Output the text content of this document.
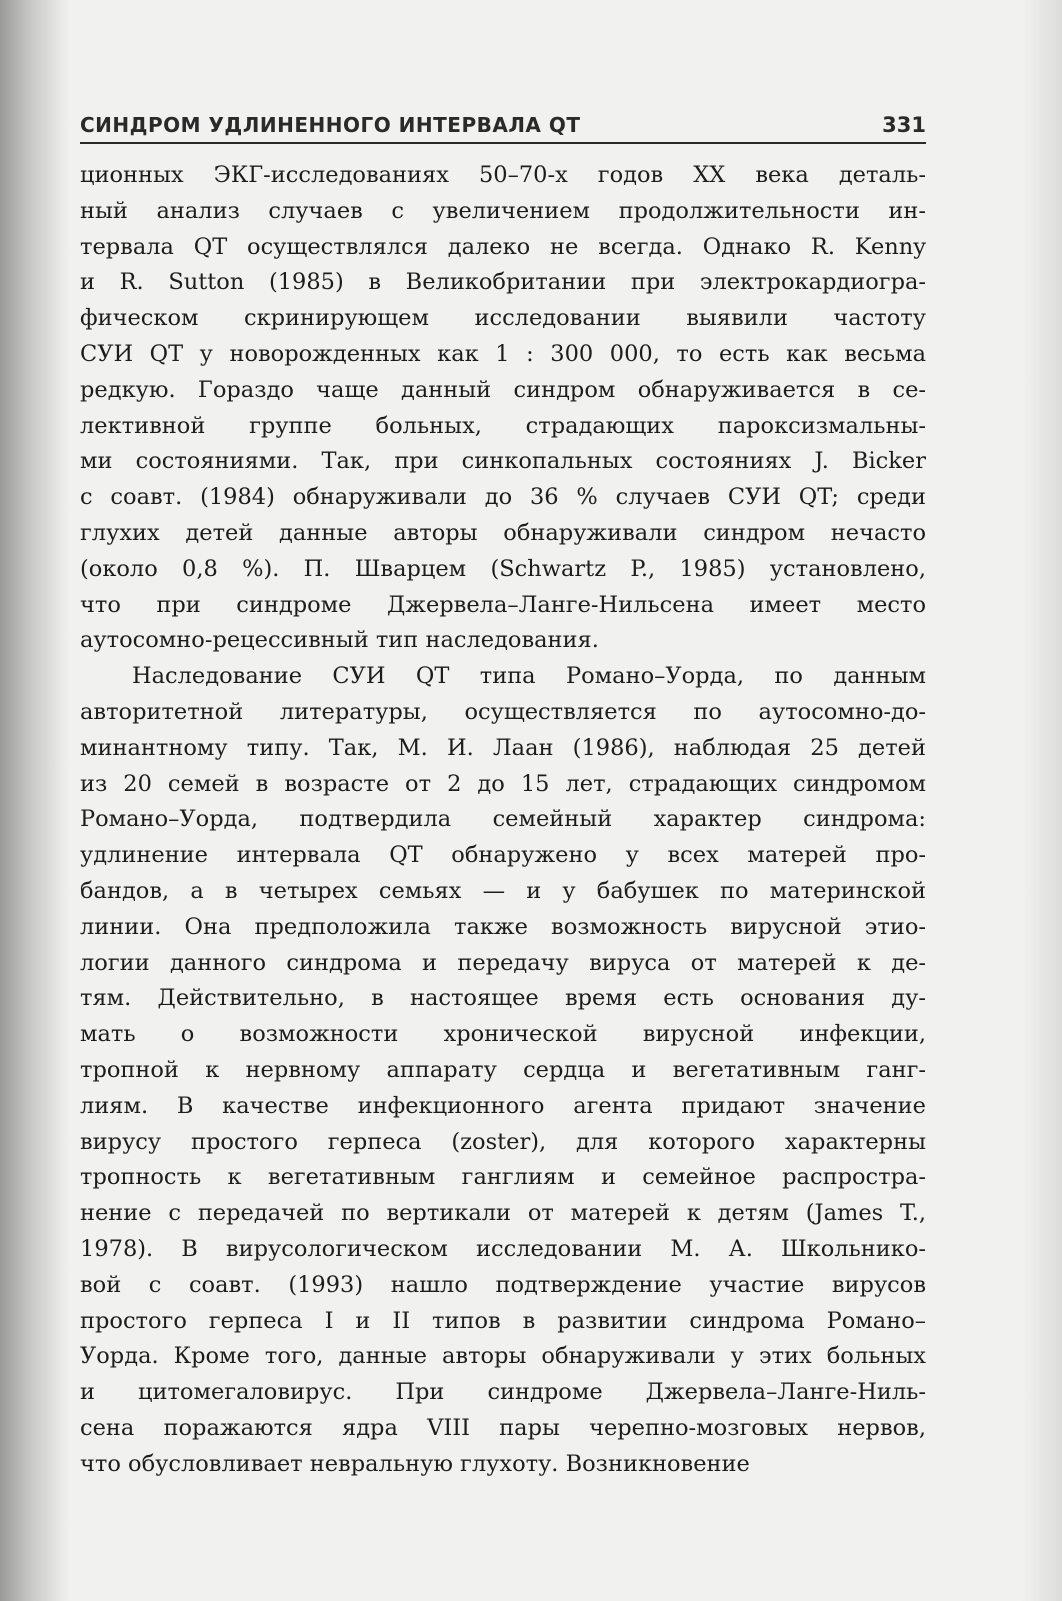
СИНДРОМ УДЛИНЕННОГО ИНТЕРВАЛА QT	331

ционных ЭКГ-исследованиях 50–70-х годов XX века деталь-
ный анализ случаев с увеличением продолжительности ин-
тервала QT осуществлялся далеко не всегда. Однако R. Kenny
и R. Sutton (1985) в Великобритании при электрокардиогра-
фическом скринирующем исследовании выявили частоту
СУИ QT у новорожденных как 1 : 300 000, то есть как весьма
редкую. Гораздо чаще данный синдром обнаруживается в се-
лективной группе больных, страдающих пароксизмальны-
ми состояниями. Так, при синкопальных состояниях J. Bicker
с соавт. (1984) обнаруживали до 36 % случаев СУИ QT; среди
глухих детей данные авторы обнаруживали синдром нечасто
(около 0,8 %). П. Шварцем (Schwartz P., 1985) установлено,
что при синдроме Джервела–Ланге-Нильсена имеет место
аутосомно-рецессивный тип наследования.

Наследование СУИ QT типа Романо–Уорда, по данным
авторитетной литературы, осуществляется по аутосомно-до-
минантному типу. Так, М. И. Лаан (1986), наблюдая 25 детей
из 20 семей в возрасте от 2 до 15 лет, страдающих синдромом
Романо–Уорда, подтвердила семейный характер синдрома:
удлинение интервала QT обнаружено у всех матерей про-
бандов, а в четырех семьях — и у бабушек по материнской
линии. Она предположила также возможность вирусной этио-
логии данного синдрома и передачу вируса от матерей к де-
тям. Действительно, в настоящее время есть основания ду-
мать о возможности хронической вирусной инфекции,
тропной к нервному аппарату сердца и вегетативным ганг-
лиям. В качестве инфекционного агента придают значение
вирусу простого герпеса (zoster), для которого характерны
тропность к вегетативным ганглиям и семейное распростра-
нение с передачей по вертикали от матерей к детям (James T.,
1978). В вирусологическом исследовании М. А. Школьнико-
вой с соавт. (1993) нашло подтверждение участие вирусов
простого герпеса I и II типов в развитии синдрома Романо–
Уорда. Кроме того, данные авторы обнаруживали у этих больных
и цитомегаловирус. При синдроме Джервела–Ланге-Ниль-
сена поражаются ядра VIII пары черепно-мозговых нервов,
что обусловливает невральную глухоту. Возникновение
